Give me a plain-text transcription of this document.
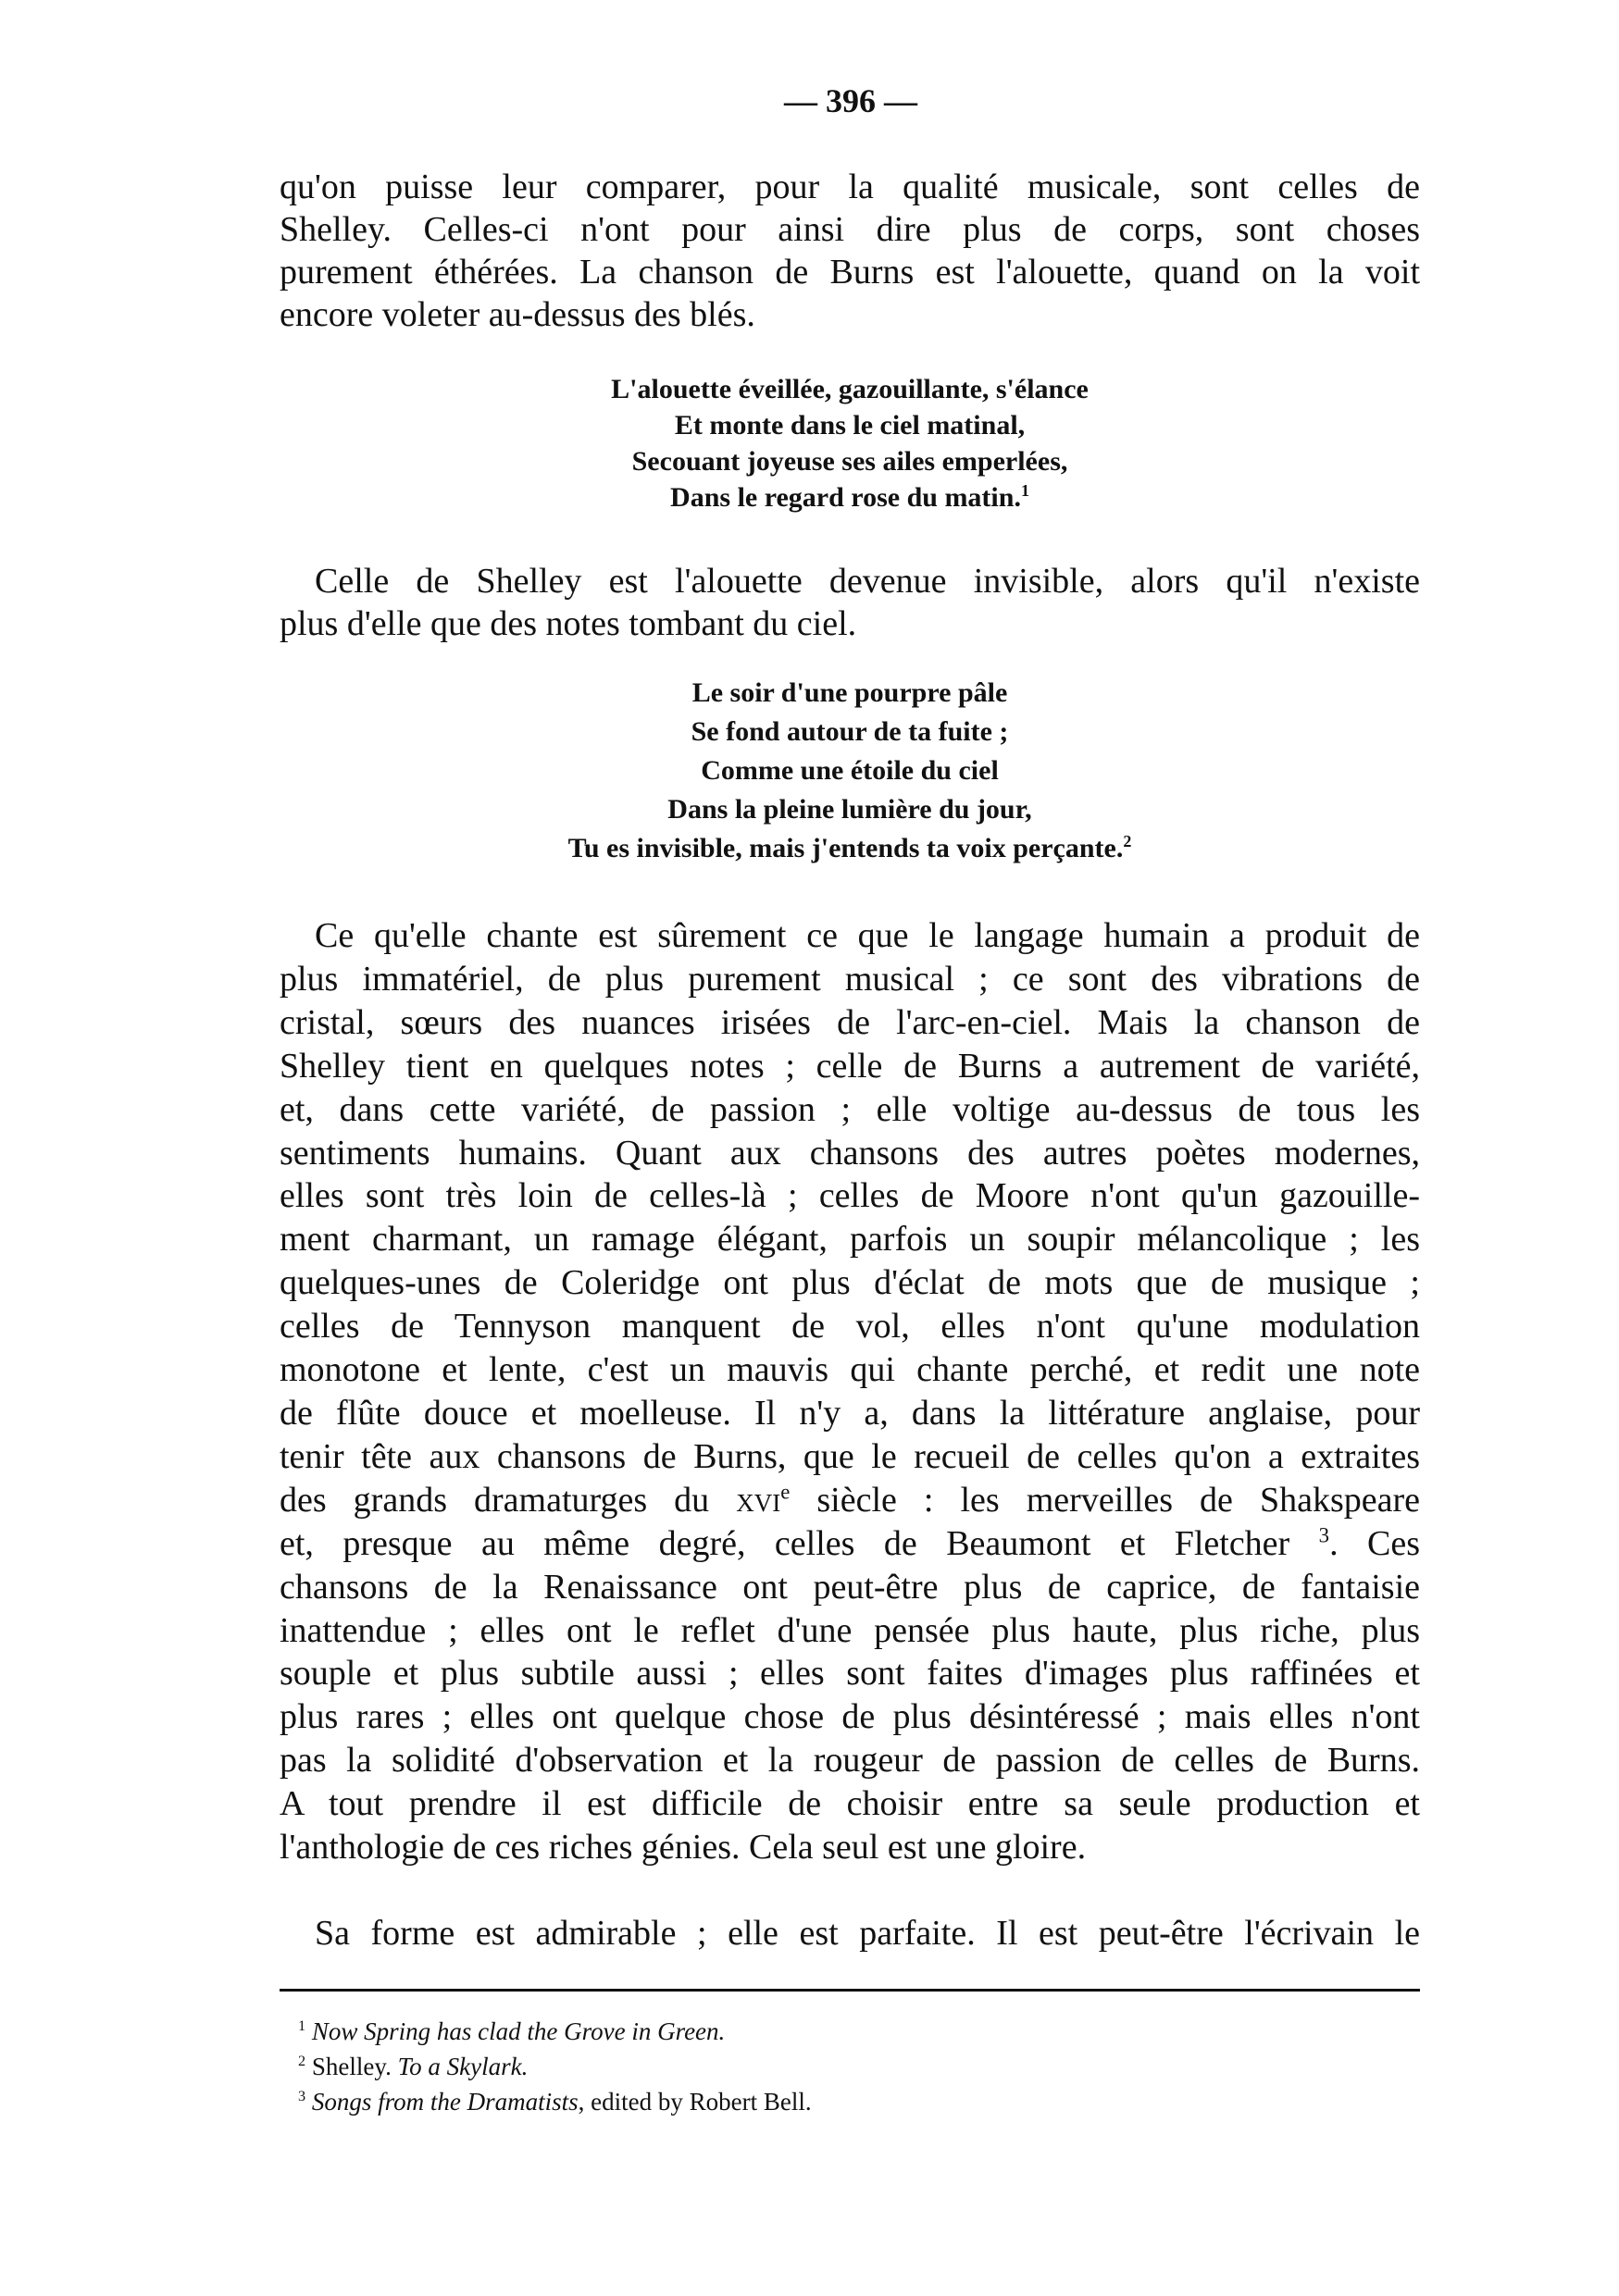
— 396 —
qu'on puisse leur comparer, pour la qualité musicale, sont celles de
Shelley. Celles-ci n'ont pour ainsi dire plus de corps, sont choses
purement éthérées. La chanson de Burns est l'alouette, quand on la voit
encore voleter au-dessus des blés.
L'alouette éveillée, gazouillante, s'élance
Et monte dans le ciel matinal,
Secouant joyeuse ses ailes emperlées,
Dans le regard rose du matin.$^1$
Celle de Shelley est l'alouette devenue invisible, alors qu'il n'existe
plus d'elle que des notes tombant du ciel.
Le soir d'une pourpre pâle
Se fond autour de ta fuite ;
Comme une étoile du ciel
Dans la pleine lumière du jour,
Tu es invisible, mais j'entends ta voix perçante.$^2$
Ce qu'elle chante est sûrement ce que le langage humain a produit de
plus immatériel, de plus purement musical ; ce sont des vibrations de
cristal, sœurs des nuances irisées de l'arc-en-ciel. Mais la chanson de
Shelley tient en quelques notes ; celle de Burns a autrement de variété,
et, dans cette variété, de passion ; elle voltige au-dessus de tous les
sentiments humains. Quant aux chansons des autres poètes modernes,
elles sont très loin de celles-là ; celles de Moore n'ont qu'un gazouille-
ment charmant, un ramage élégant, parfois un soupir mélancolique ; les
quelques-unes de Coleridge ont plus d'éclat de mots que de musique ;
celles de Tennyson manquent de vol, elles n'ont qu'une modulation
monotone et lente, c'est un mauvis qui chante perché, et redit une note
de flûte douce et moelleuse. Il n'y a, dans la littérature anglaise, pour
tenir tête aux chansons de Burns, que le recueil de celles qu'on a extraites
des grands dramaturges du xvi$^e$ siècle : les merveilles de Shakspeare
et, presque au même degré, celles de Beaumont et Fletcher $^3$. Ces
chansons de la Renaissance ont peut-être plus de caprice, de fantaisie
inattendue ; elles ont le reflet d'une pensée plus haute, plus riche, plus
souple et plus subtile aussi ; elles sont faites d'images plus raffinées et
plus rares ; elles ont quelque chose de plus désintéressé ; mais elles n'ont
pas la solidité d'observation et la rougeur de passion de celles de Burns.
A tout prendre il est difficile de choisir entre sa seule production et
l'anthologie de ces riches génies. Cela seul est une gloire.
Sa forme est admirable ; elle est parfaite. Il est peut-être l'écrivain le
$^1$ Now Spring has clad the Grove in Green.
$^2$ Shelley. To a Skylark.
$^3$ Songs from the Dramatists, edited by Robert Bell.
